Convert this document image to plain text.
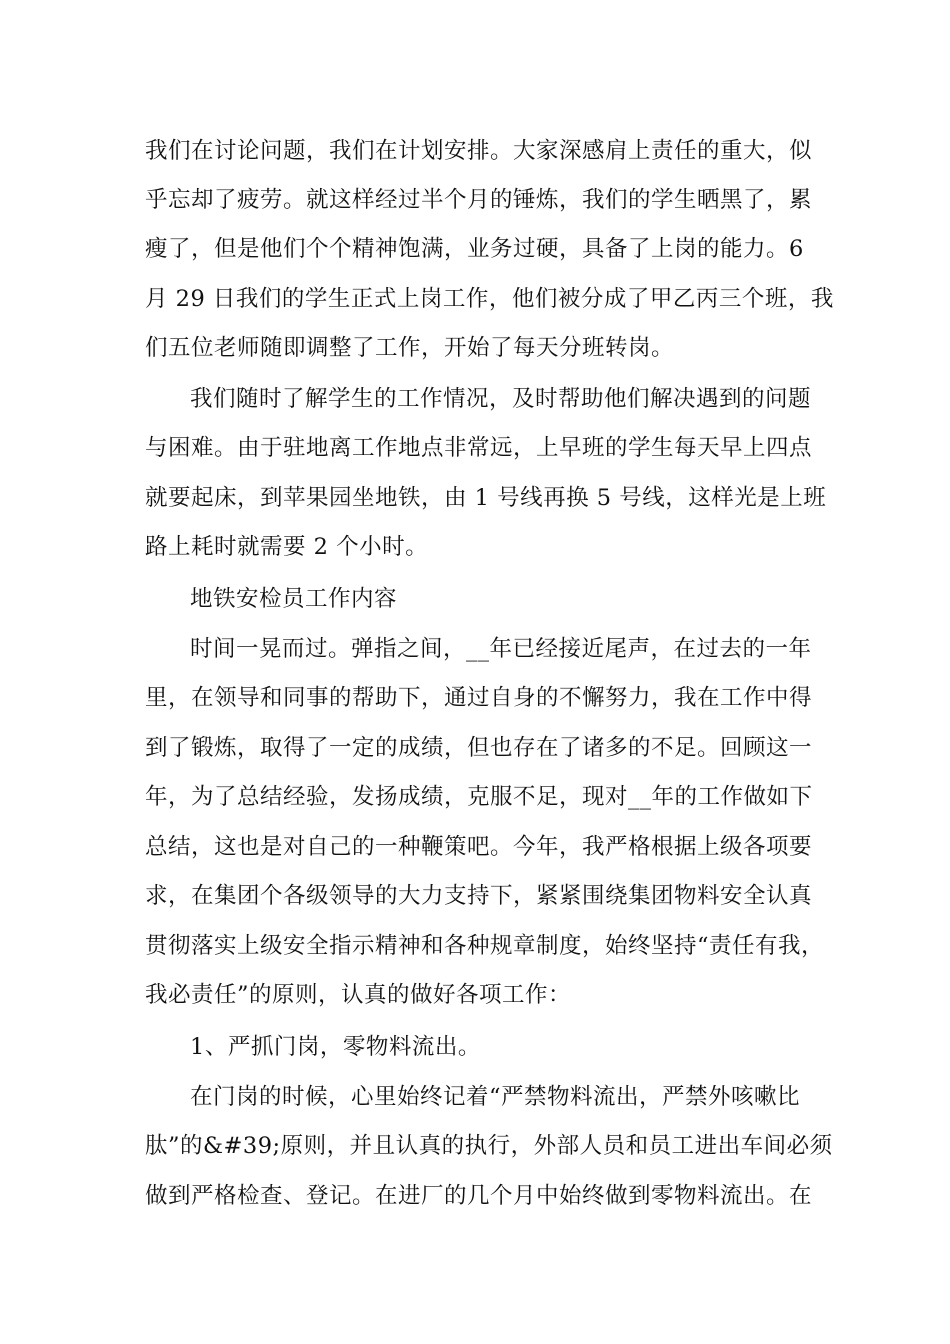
我们在讨论问题，我们在计划安排。大家深感肩上责任的重大，似
乎忘却了疲劳。就这样经过半个月的锤炼，我们的学生晒黑了，累
瘦了，但是他们个个精神饱满，业务过硬，具备了上岗的能力。6
月 29 日我们的学生正式上岗工作，他们被分成了甲乙丙三个班，我
们五位老师随即调整了工作，开始了每天分班转岗。
我们随时了解学生的工作情况，及时帮助他们解决遇到的问题
与困难。由于驻地离工作地点非常远，上早班的学生每天早上四点
就要起床，到苹果园坐地铁，由 1 号线再换 5 号线，这样光是上班
路上耗时就需要 2 个小时。
地铁安检员工作内容
时间一晃而过。弹指之间，__年已经接近尾声，在过去的一年
里，在领导和同事的帮助下，通过自身的不懈努力，我在工作中得
到了锻炼，取得了一定的成绩，但也存在了诸多的不足。回顾这一
年，为了总结经验，发扬成绩，克服不足，现对__年的工作做如下
总结，这也是对自己的一种鞭策吧。今年，我严格根据上级各项要
求，在集团个各级领导的大力支持下，紧紧围绕集团物料安全认真
贯彻落实上级安全指示精神和各种规章制度，始终坚持“责任有我，
我必责任”的原则，认真的做好各项工作：
1、严抓门岗，零物料流出。
在门岗的时候，心里始终记着“严禁物料流出，严禁外咳嗽比
肽”的&#39;原则，并且认真的执行，外部人员和员工进出车间必须
做到严格检查、登记。在进厂的几个月中始终做到零物料流出。在
